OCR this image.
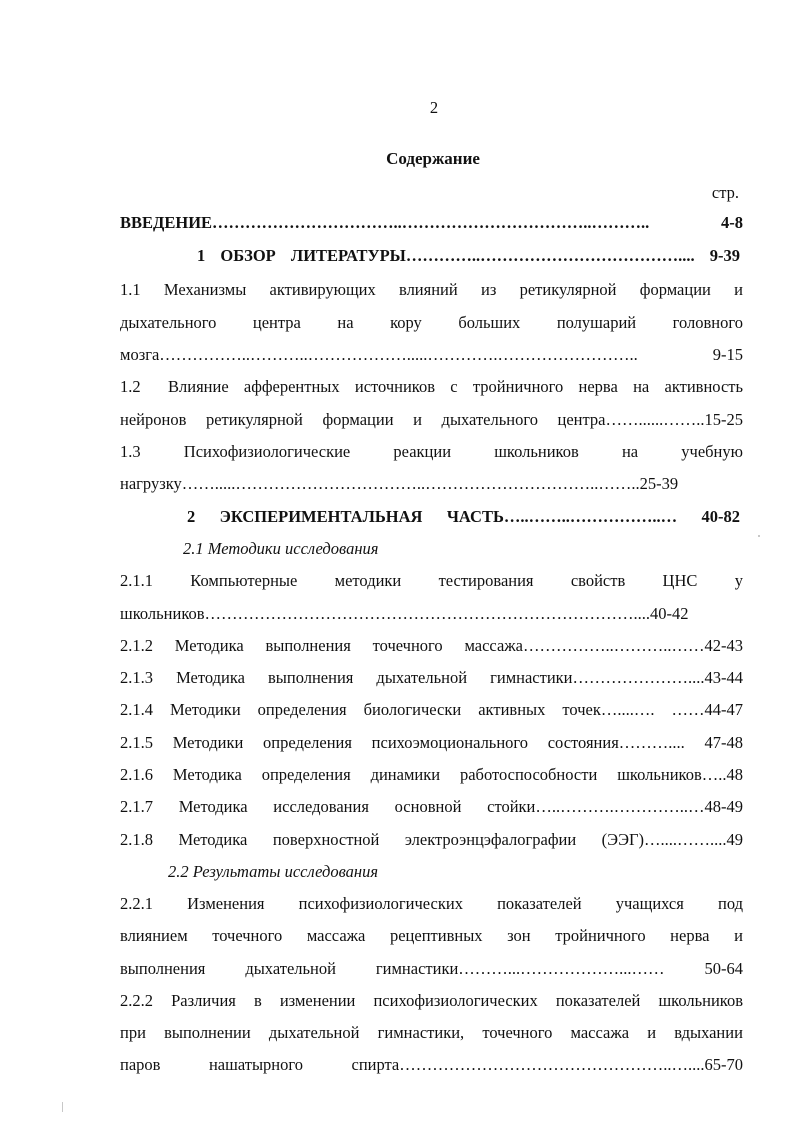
2
Содержание
стр.
ВВЕДЕНИЕ……………………………..……………………………..……….. 4-8
1 ОБЗОР ЛИТЕРАТУРЫ…………..……………………………….... 9-39
1.1 Механизмы активирующих влияний из ретикулярной формации и
дыхательного центра на кору больших полушарий головного
мозга……………..………..……………….....………….…………………….. 9-15
1.2 Влияние афферентных источников с тройничного нерва на активность
нейронов ретикулярной формации и дыхательного центра……......……..15-25
1.3	Психофизиологические	реакции	школьников	на	учебную
нагрузку…….....……………………………..…………………………..……..25-39
2 ЭКСПЕРИМЕНТАЛЬНАЯ ЧАСТЬ…..……..……………..… 40-82
2.1 Методики исследования
2.1.1 Компьютерные методики тестирования свойств ЦНС у
школьников……………………………………………………………………....40-42
2.1.2 Методика выполнения точечного массажа……………..………..……42-43
2.1.3 Методика выполнения дыхательной гимнастики…………………....43-44
2.1.4 Методики определения биологически активных точек…....…. ……44-47
2.1.5 Методики определения психоэмоционального состояния……….... 47-48
2.1.6 Методика определения динамики работоспособности школьников…..48
2.1.7 Методика исследования основной стойки…..……….…………..…48-49
2.1.8 Методика поверхностной электроэнцэфалографии (ЭЭГ)…....……....49
2.2 Результаты исследования
2.2.1 Изменения психофизиологических показателей учащихся под
влиянием точечного массажа рецептивных зон тройничного нерва и
выполнения дыхательной гимнастики………...………………...…… 50-64
2.2.2 Различия в изменении психофизиологических показателей школьников
при выполнении дыхательной гимнастики, точечного массажа и вдыхании
паров нашатырного спирта…………………………………………..…....65-70
